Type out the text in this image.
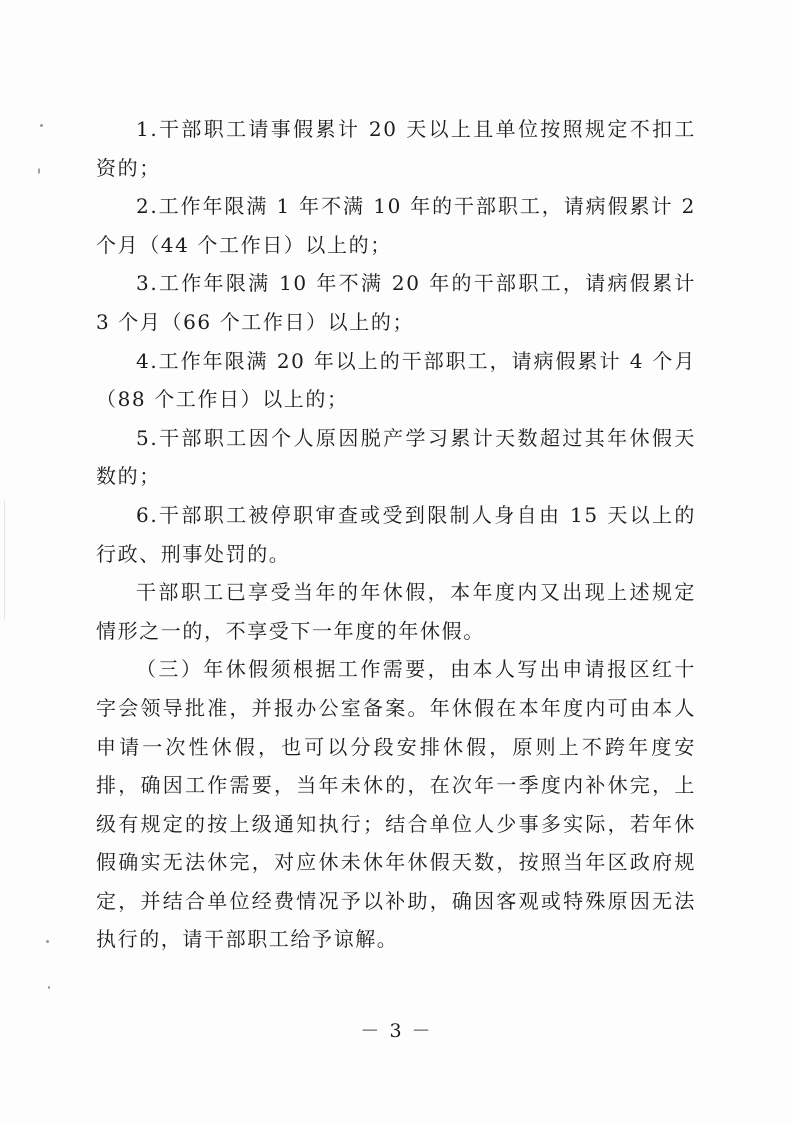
1.干部职工请事假累计 20 天以上且单位按照规定不扣工资的；

2.工作年限满 1 年不满 10 年的干部职工，请病假累计 2 个月（44 个工作日）以上的；

3.工作年限满 10 年不满 20 年的干部职工，请病假累计 3 个月（66 个工作日）以上的；

4.工作年限满 20 年以上的干部职工，请病假累计 4 个月（88 个工作日）以上的；

5.干部职工因个人原因脱产学习累计天数超过其年休假天数的；

6.干部职工被停职审查或受到限制人身自由 15 天以上的行政、刑事处罚的。

干部职工已享受当年的年休假，本年度内又出现上述规定情形之一的，不享受下一年度的年休假。

（三）年休假须根据工作需要，由本人写出申请报区红十字会领导批准，并报办公室备案。年休假在本年度内可由本人申请一次性休假，也可以分段安排休假，原则上不跨年度安排，确因工作需要，当年未休的，在次年一季度内补休完，上级有规定的按上级通知执行；结合单位人少事多实际，若年休假确实无法休完，对应休未休年休假天数，按照当年区政府规定，并结合单位经费情况予以补助，确因客观或特殊原因无法执行的，请干部职工给予谅解。

－ 3 －
